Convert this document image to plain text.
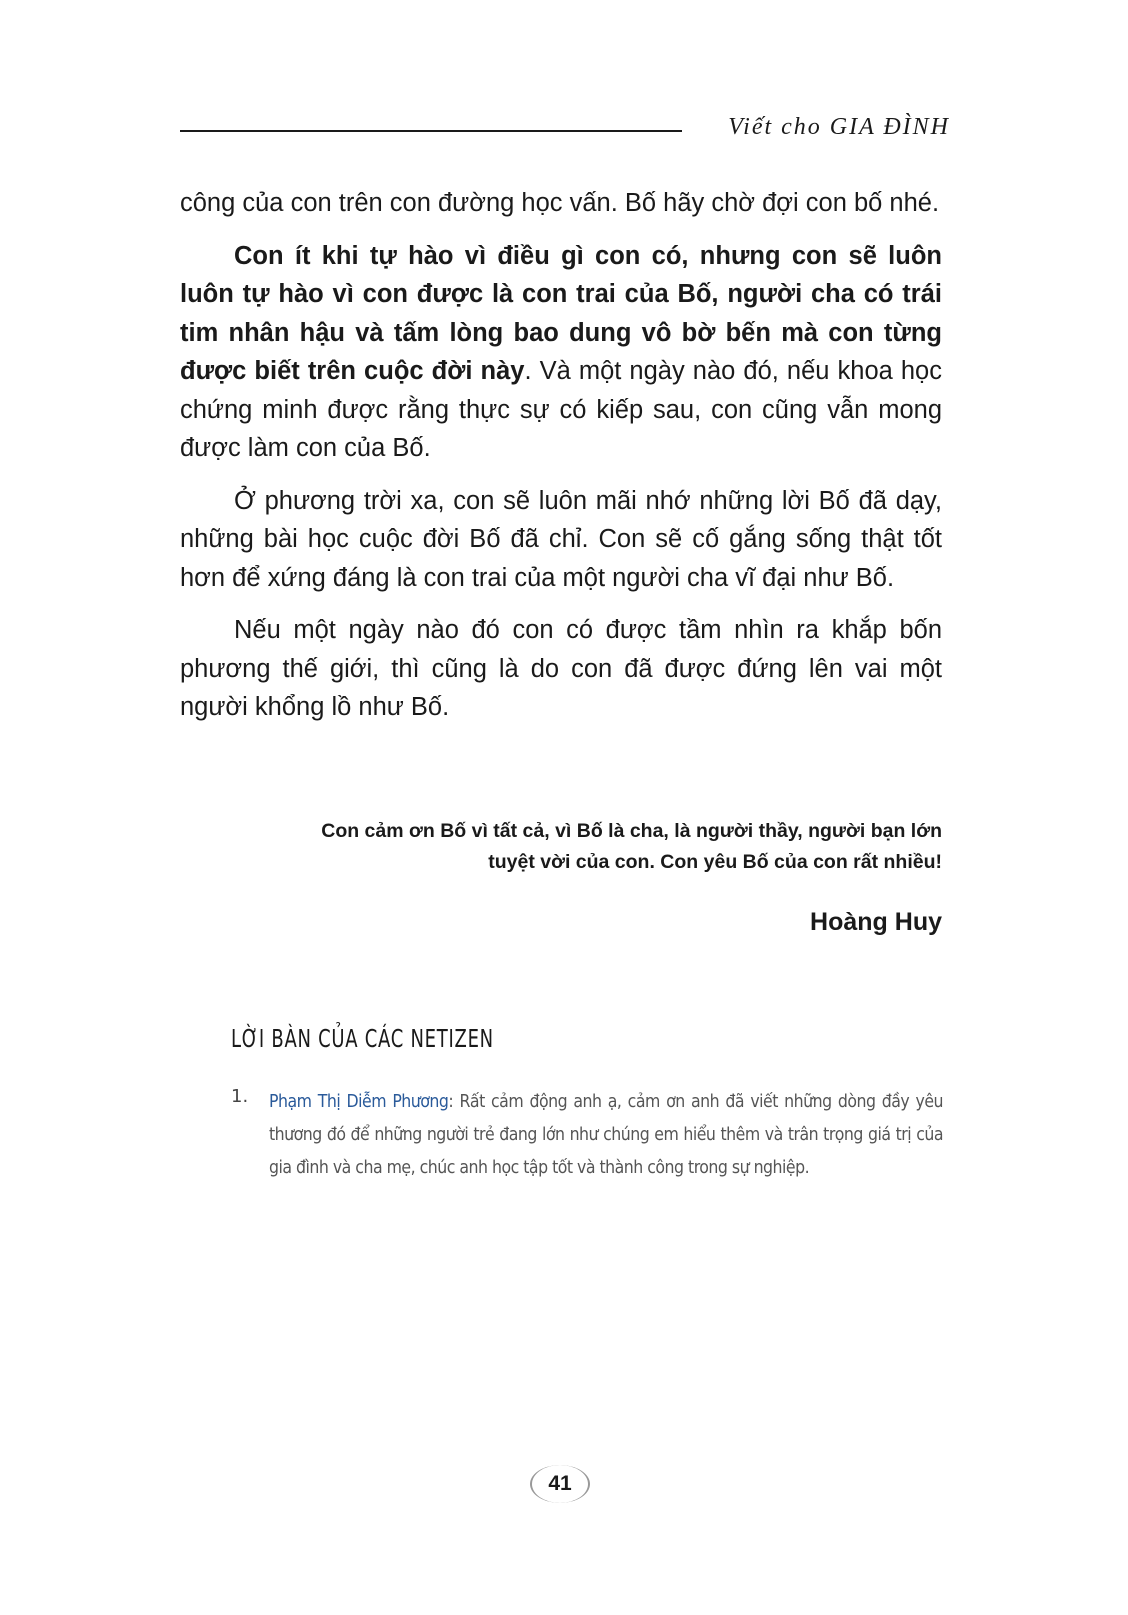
Viết cho GIA ĐÌNH

công của con trên con đường học vấn. Bố hãy chờ đợi con bố nhé.

Con ít khi tự hào vì điều gì con có, nhưng con sẽ luôn luôn tự hào vì con được là con trai của Bố, người cha có trái tim nhân hậu và tấm lòng bao dung vô bờ bến mà con từng được biết trên cuộc đời này. Và một ngày nào đó, nếu khoa học chứng minh được rằng thực sự có kiếp sau, con cũng vẫn mong được làm con của Bố.

Ở phương trời xa, con sẽ luôn mãi nhớ những lời Bố đã dạy, những bài học cuộc đời Bố đã chỉ. Con sẽ cố gắng sống thật tốt hơn để xứng đáng là con trai của một người cha vĩ đại như Bố.

Nếu một ngày nào đó con có được tầm nhìn ra khắp bốn phương thế giới, thì cũng là do con đã được đứng lên vai một người khổng lồ như Bố.

Con cảm ơn Bố vì tất cả, vì Bố là cha, là người thầy, người bạn lớn tuyệt vời của con. Con yêu Bố của con rất nhiều!
Hoàng Huy
LỜI BÀN CỦA CÁC NETIZEN
1. Phạm Thị Diễm Phương: Rất cảm động anh ạ, cảm ơn anh đã viết những dòng đầy yêu thương đó để những người trẻ đang lớn như chúng em hiểu thêm và trân trọng giá trị của gia đình và cha mẹ, chúc anh học tập tốt và thành công trong sự nghiệp.
41
